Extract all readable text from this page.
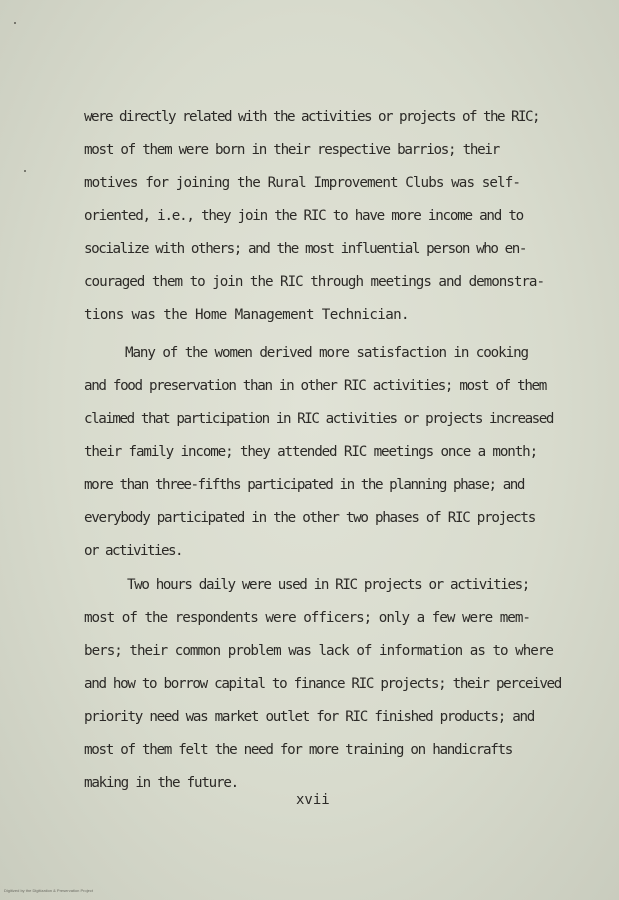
were directly related with the activities or projects of the RIC;
most of them were born in their respective barrios; their
motives for joining the Rural Improvement Clubs was self-
oriented, i.e., they join the RIC to have more income and to
socialize with others; and the most influential person who en-
couraged them to join the RIC through meetings and demonstra-
tions was the Home Management Technician.
Many of the women derived more satisfaction in cooking
and food preservation than in other RIC activities; most of them
claimed that participation in RIC activities or projects increased
their family income; they attended RIC meetings once a month;
more than three-fifths participated in the planning phase; and
everybody participated in the other two phases of RIC projects
or activities.
Two hours daily were used in RIC projects or activities;
most of the respondents were officers; only a few were mem-
bers; their common problem was lack of information as to where
and how to borrow capital to finance RIC projects; their perceived
priority need was market outlet for RIC finished products; and
most of them felt the need for more training on handicrafts
making in the future.
xvii
Digitized by the Digitization & Preservation Project
